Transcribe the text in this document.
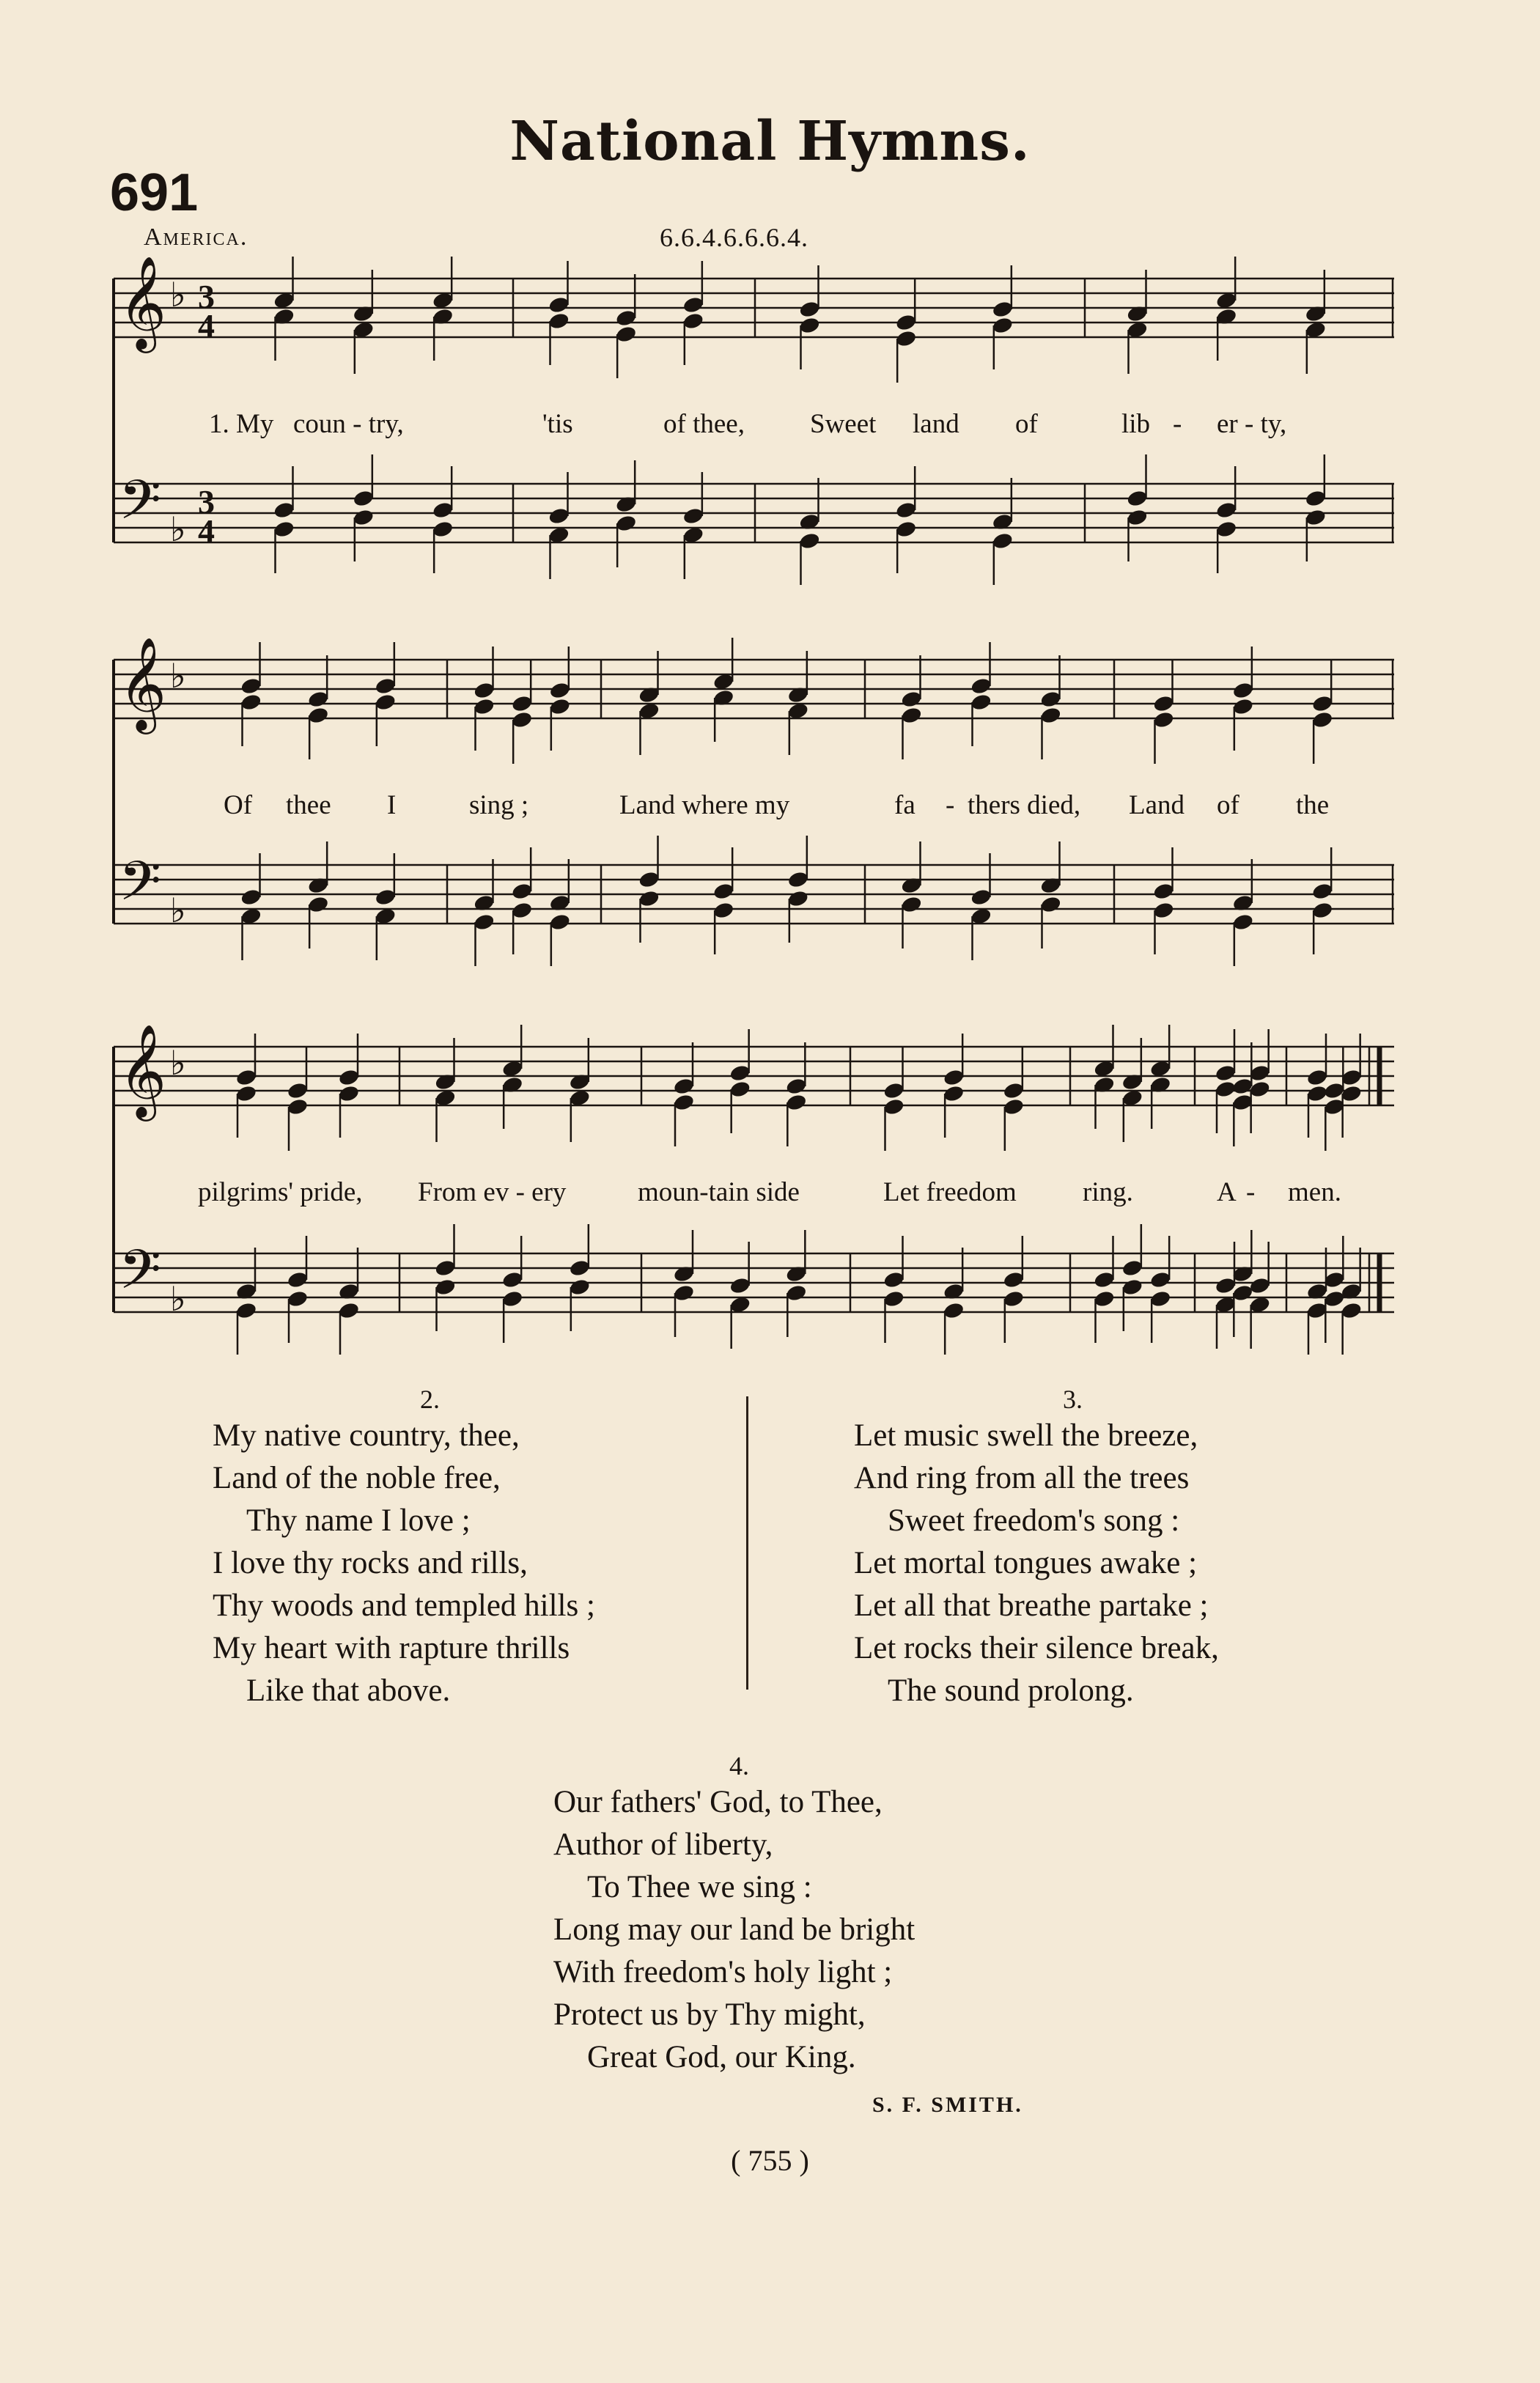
National Hymns.
691
America.	6.6.4.6.6.6.4.
𝄞
𝄢
♭
♭
3
4
3
4
1. My coun - try,	'tis	of thee, Sweet land of	lib - er - ty,
𝄞
𝄢
♭
♭
Of thee I	sing ;	Land where my	fa - thers died, Land of the
𝄞
𝄢
♭
♭
pilgrims' pride, From ev - ery	moun-tain side	Let freedom ring.	A - men.
2.
My native country, thee,
Land of the noble free,
Thy name I love ;
I love thy rocks and rills,
Thy woods and templed hills ;
My heart with rapture thrills
Like that above.
3.
Let music swell the breeze,
And ring from all the trees
Sweet freedom's song :
Let mortal tongues awake ;
Let all that breathe partake ;
Let rocks their silence break,
The sound prolong.
4.
Our fathers' God, to Thee,
Author of liberty,
To Thee we sing :
Long may our land be bright
With freedom's holy light ;
Protect us by Thy might,
Great God, our King.
S. F. SMITH.
( 755 )
